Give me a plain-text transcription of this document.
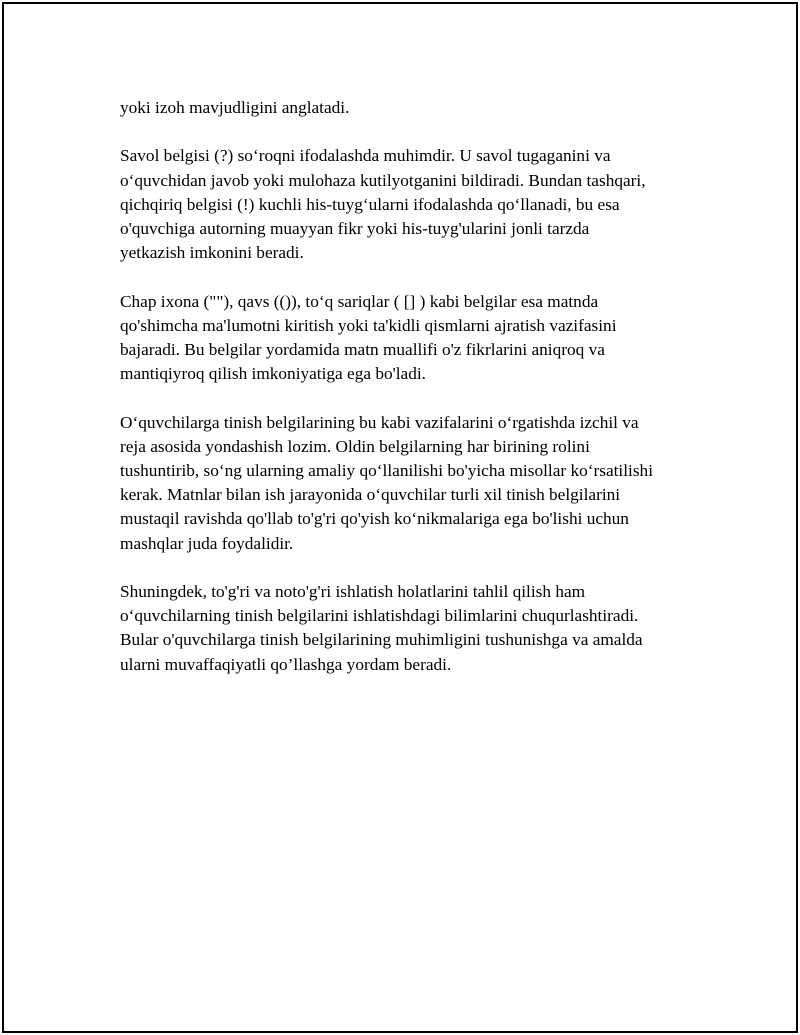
yoki izoh mavjudligini anglatadi.

Savol belgisi (?) so‘roqni ifodalashda muhimdir. U savol tugaganini va
o‘quvchidan javob yoki mulohaza kutilyotganini bildiradi. Bundan tashqari,
qichqiriq belgisi (!) kuchli his-tuyg‘ularni ifodalashda qo‘llanadi, bu esa
o'quvchiga autorning muayyan fikr yoki his-tuyg'ularini jonli tarzda
yetkazish imkonini beradi.

Chap ixona (""), qavs (()), to‘q sariqlar ( [] ) kabi belgilar esa matnda
qo'shimcha ma'lumotni kiritish yoki ta'kidli qismlarni ajratish vazifasini
bajaradi. Bu belgilar yordamida matn muallifi o'z fikrlarini aniqroq va
mantiqiyroq qilish imkoniyatiga ega bo'ladi.

O‘quvchilarga tinish belgilarining bu kabi vazifalarini o‘rgatishda izchil va
reja asosida yondashish lozim. Oldin belgilarning har birining rolini
tushuntirib, so‘ng ularning amaliy qo‘llanilishi bo'yicha misollar ko‘rsatilishi
kerak. Matnlar bilan ish jarayonida o‘quvchilar turli xil tinish belgilarini
mustaqil ravishda qo'llab to'g'ri qo'yish ko‘nikmalariga ega bo'lishi uchun
mashqlar juda foydalidir.

Shuningdek, to'g'ri va noto'g'ri ishlatish holatlarini tahlil qilish ham
o‘quvchilarning tinish belgilarini ishlatishdagi bilimlarini chuqurlashtiradi.
Bular o'quvchilarga tinish belgilarining muhimligini tushunishga va amalda
ularni muvaffaqiyatli qo’llashga yordam beradi.
